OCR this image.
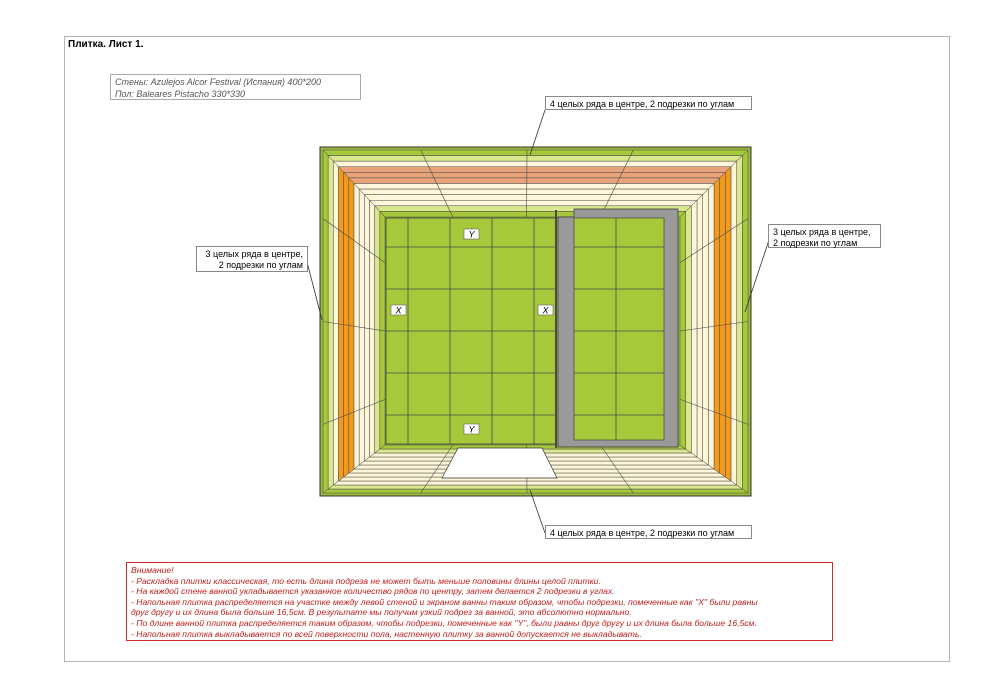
Плитка. Лист 1.
Стены: Azulejos Alcor Festival (Испания) 400*200
Пол: Baleares Pistacho 330*330
Y
Y
X	X
4 целых ряда в центре, 2 подрезки по углам
4 целых ряда в центре, 2 подрезки по углам
3 целых ряда в центре,
2 подрезки по углам
3 целых ряда в центре,
2 подрезки по углам
Внимание!
- Раскладка плитки классическая, то есть длина подреза не может быть меньше половины длины целой плитки.
- На каждой стене ванной укладывается указанное количество рядов по центру, затем делается 2 подрезки в углах.
- Напольная плитка распределяется на участке между левой стеной и экраном ванны таким образом, чтобы подрезки, помеченные как "X" были равны
друг другу и их длина была больше 16,5см. В результате мы получим узкий подрез за ванной, это абсолютно нормально.
- По длине ванной плитка распределяется таким образом, чтобы подрезки, помеченные как "Y", были равны друг другу и их длина была больше 16,5см.
- Напольная плитка выкладывается по всей поверхности пола, настенную плитку за ванной допускается не выкладывать.
